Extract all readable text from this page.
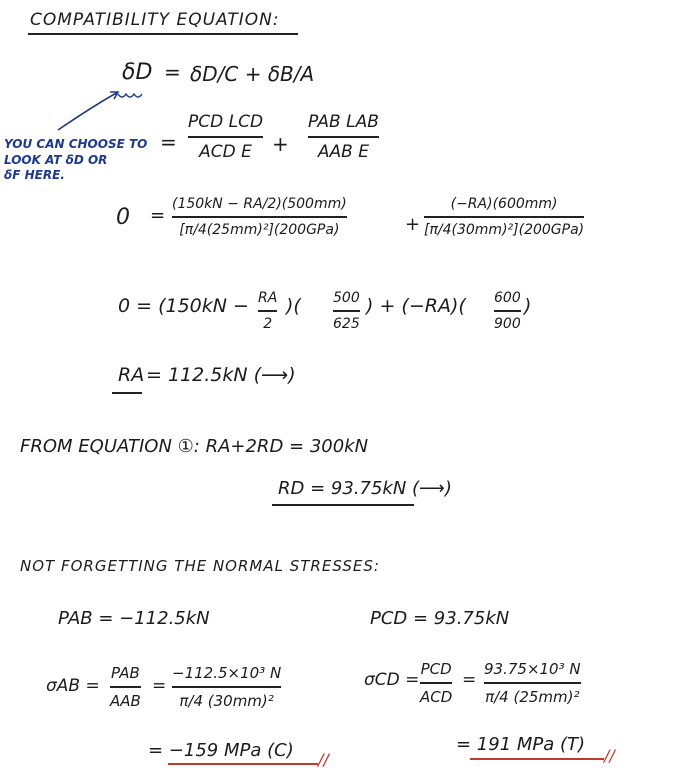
COMPATIBILITY EQUATION:
δD = δD/C + δB/A
=
PCD LCD
ACD E +
PAB LAB
AAB E
YOU CAN CHOOSE TO
LOOK AT δD OR
δF HERE.
0 =
(150kN − RA/2)(500mm)
[π/4(25mm)²](200GPa)	+
(−RA)(600mm)
[π/4(30mm)²](200GPa)
0 = (150kN − RA
2
)( 500
625
) + (−RA)( 600
900
)
RA = 112.5kN (⟶)
FROM EQUATION ①: RA+2RD = 300kN
RD = 93.75kN (⟶)
NOT FORGETTING THE NORMAL STRESSES:
PAB = −112.5kN	PCD = 93.75kN
σAB =
PAB
AAB
=
−112.5×10³ N
π/4 (30mm)²
= −159 MPa (C) //
σCD =
PCD
ACD
=
93.75×10³ N
π/4 (25mm)²
= 191 MPa (T)
//
